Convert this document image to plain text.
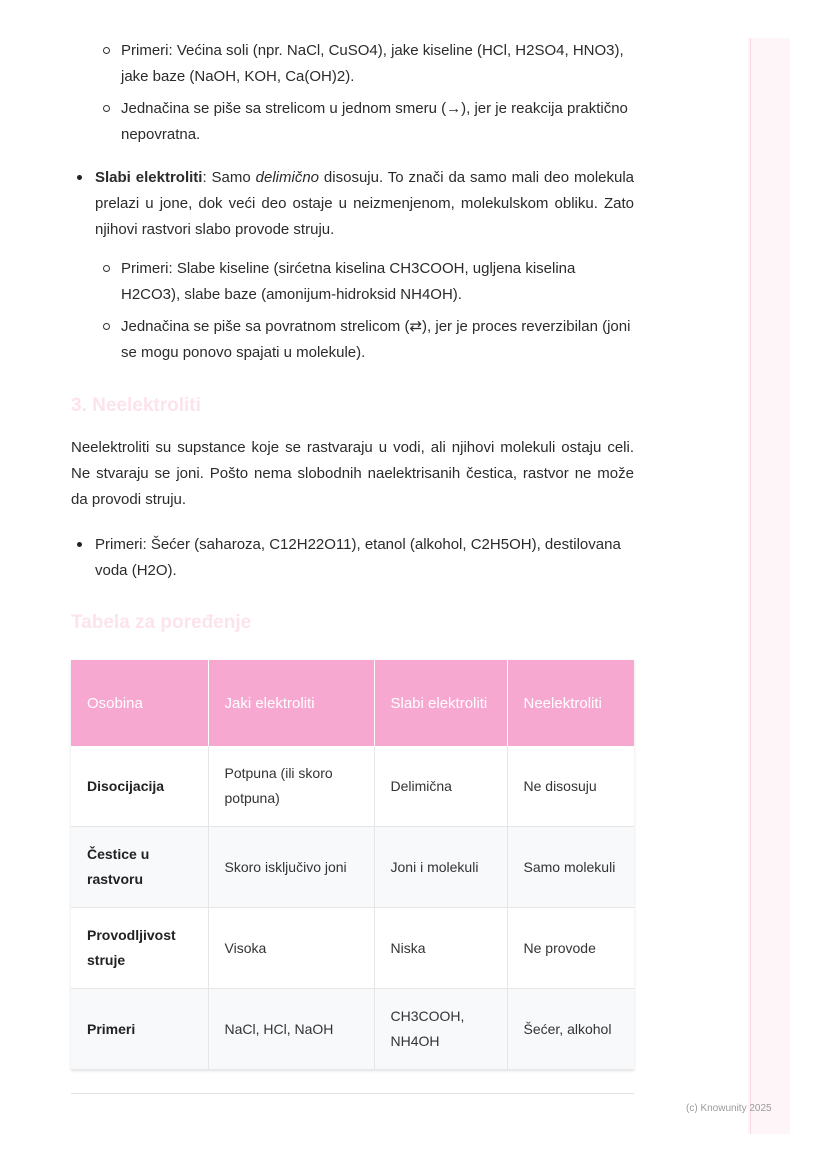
Primeri: Većina soli (npr. NaCl, CuSO4), jake kiseline (HCl, H2SO4, HNO3), jake baze (NaOH, KOH, Ca(OH)2).
Jednačina se piše sa strelicom u jednom smeru (→), jer je reakcija praktično nepovratna.

Slabi elektroliti: Samo delimično disosuju. To znači da samo mali deo molekula prelazi u jone, dok veći deo ostaje u neizmenjenom, molekulskom obliku. Zato njihovi rastvori slabo provode struju.

Primeri: Slabe kiseline (sirćetna kiselina CH3COOH, ugljena kiselina H2CO3), slabe baze (amonijum-hidroksid NH4OH).
Jednačina se piše sa povratnom strelicom (⇄), jer je proces reverzibilan (joni se mogu ponovo spajati u molekule).
3. Neelektroliti

Neelektroliti su supstance koje se rastvaraju u vodi, ali njihovi molekuli ostaju celi. Ne stvaraju se joni. Pošto nema slobodnih naelektrisanih čestica, rastvor ne može da provodi struju.

Primeri: Šećer (saharoza, C12H22O11), etanol (alkohol, C2H5OH), destilovana voda (H2O).
Tabela za poređenje
Osobina	Jaki elektroliti	Slabi elektroliti	Neelektroliti
Disocijacija	Potpuna (ili skoro potpuna)	Delimična	Ne disosuju
Čestice u rastvoru	Skoro isključivo joni	Joni i molekuli	Samo molekuli
Provodljivost struje	Visoka	Niska	Ne provode
Primeri	NaCl, HCl, NaOH	CH3COOH, NH4OH	Šećer, alkohol
(c) Knowunity 2025
